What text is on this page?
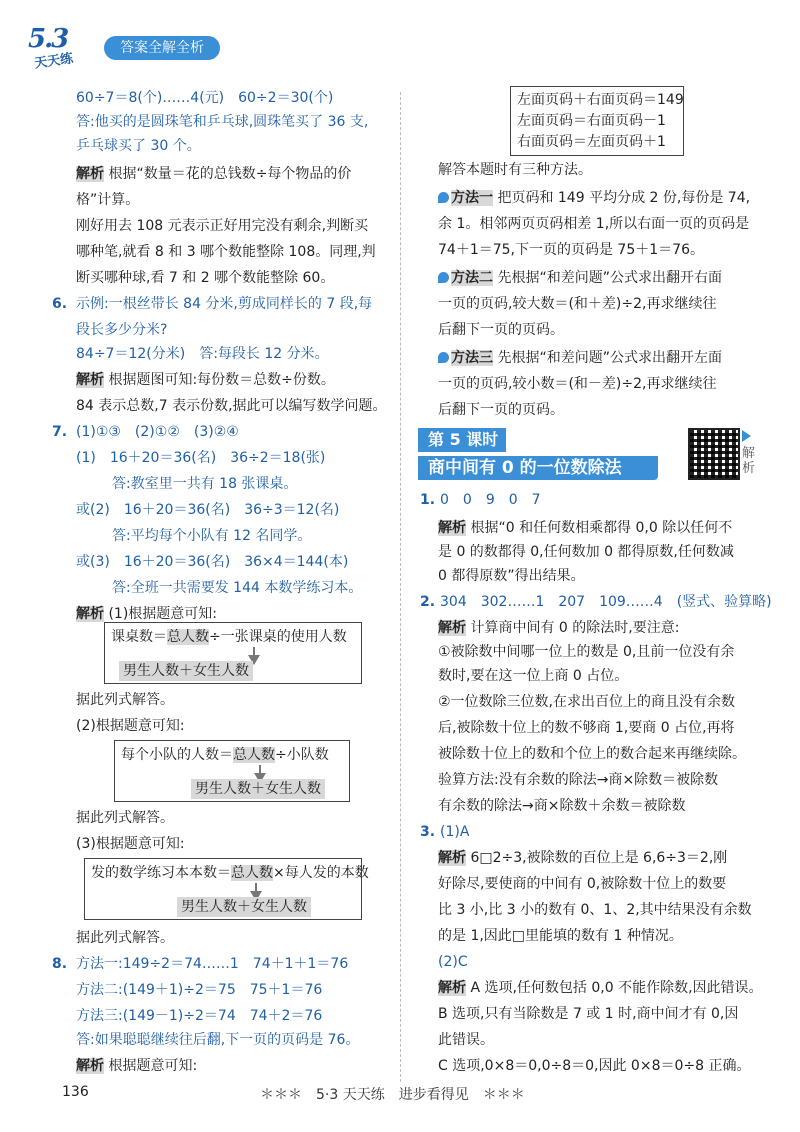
5.3
天天练
答案全解全析
60÷7＝8(个)……4(元)　60÷2＝30(个)
答:他买的是圆珠笔和乒乓球,圆珠笔买了 36 支,
乒乓球买了 30 个。
解析 根据“数量＝花的总钱数÷每个物品的价
格”计算。
刚好用去 108 元表示正好用完没有剩余,判断买
哪种笔,就看 8 和 3 哪个数能整除 108。同理,判
断买哪种球,看 7 和 2 哪个数能整除 60。
6. 示例:一根丝带长 84 分米,剪成同样长的 7 段,每
段长多少分米?
84÷7＝12(分米)　答:每段长 12 分米。
解析 根据题图可知:每份数＝总数÷份数。
84 表示总数,7 表示份数,据此可以编写数学问题。
7. (1)①③　(2)①②　(3)②④
(1)　16＋20＝36(名)　36÷2＝18(张)
答:教室里一共有 18 张课桌。
或(2)　16＋20＝36(名)　36÷3＝12(名)
答:平均每个小队有 12 名同学。
或(3)　16＋20＝36(名)　36×4＝144(本)
答:全班一共需要发 144 本数学练习本。
解析 (1)根据题意可知:
课桌数＝总人数÷一张课桌的使用人数
男生人数＋女生人数
据此列式解答。
(2)根据题意可知:
每个小队的人数＝总人数÷小队数
男生人数＋女生人数
据此列式解答。
(3)根据题意可知:
发的数学练习本本数＝总人数×每人发的本数
男生人数＋女生人数
据此列式解答。
8. 方法一:149÷2＝74……1　74＋1＋1＝76
方法二:(149＋1)÷2＝75　75＋1＝76
方法三:(149－1)÷2＝74　74＋2＝76
答:如果聪聪继续往后翻,下一页的页码是 76。
解析 根据题意可知:
左面页码＋右面页码＝149
左面页码＝右面页码－1
右面页码＝左面页码＋1
解答本题时有三种方法。
方法一 把页码和 149 平均分成 2 份,每份是 74,
余 1。相邻两页页码相差 1,所以右面一页的页码是
74＋1＝75,下一页的页码是 75＋1＝76。
方法二 先根据“和差问题”公式求出翻开右面
一页的页码,较大数＝(和＋差)÷2,再求继续往
后翻下一页的页码。
方法三 先根据“和差问题”公式求出翻开左面
一页的页码,较小数＝(和－差)÷2,再求继续往
后翻下一页的页码。
第 5 课时
商中间有 0 的一位数除法
解析
1. 0　0　9　0　7
解析 根据“0 和任何数相乘都得 0,0 除以任何不
是 0 的数都得 0,任何数加 0 都得原数,任何数减
0 都得原数”得出结果。
2. 304　302……1　207　109……4　(竖式、验算略)
解析 计算商中间有 0 的除法时,要注意:
①被除数中间哪一位上的数是 0,且前一位没有余
数时,要在这一位上商 0 占位。
②一位数除三位数,在求出百位上的商且没有余数
后,被除数十位上的数不够商 1,要商 0 占位,再将
被除数十位上的数和个位上的数合起来再继续除。
验算方法:没有余数的除法→商×除数＝被除数
有余数的除法→商×除数＋余数＝被除数
3. (1)A
解析 6□2÷3,被除数的百位上是 6,6÷3＝2,刚
好除尽,要使商的中间有 0,被除数十位上的数要
比 3 小,比 3 小的数有 0、1、2,其中结果没有余数
的是 1,因此□里能填的数有 1 种情况。
(2)C
解析 A 选项,任何数包括 0,0 不能作除数,因此错误。
B 选项,只有当除数是 7 或 1 时,商中间才有 0,因
此错误。
C 选项,0×8＝0,0÷8＝0,因此 0×8＝0÷8 正确。
136	＊＊＊　5·3 天天练　进步看得见　＊＊＊
